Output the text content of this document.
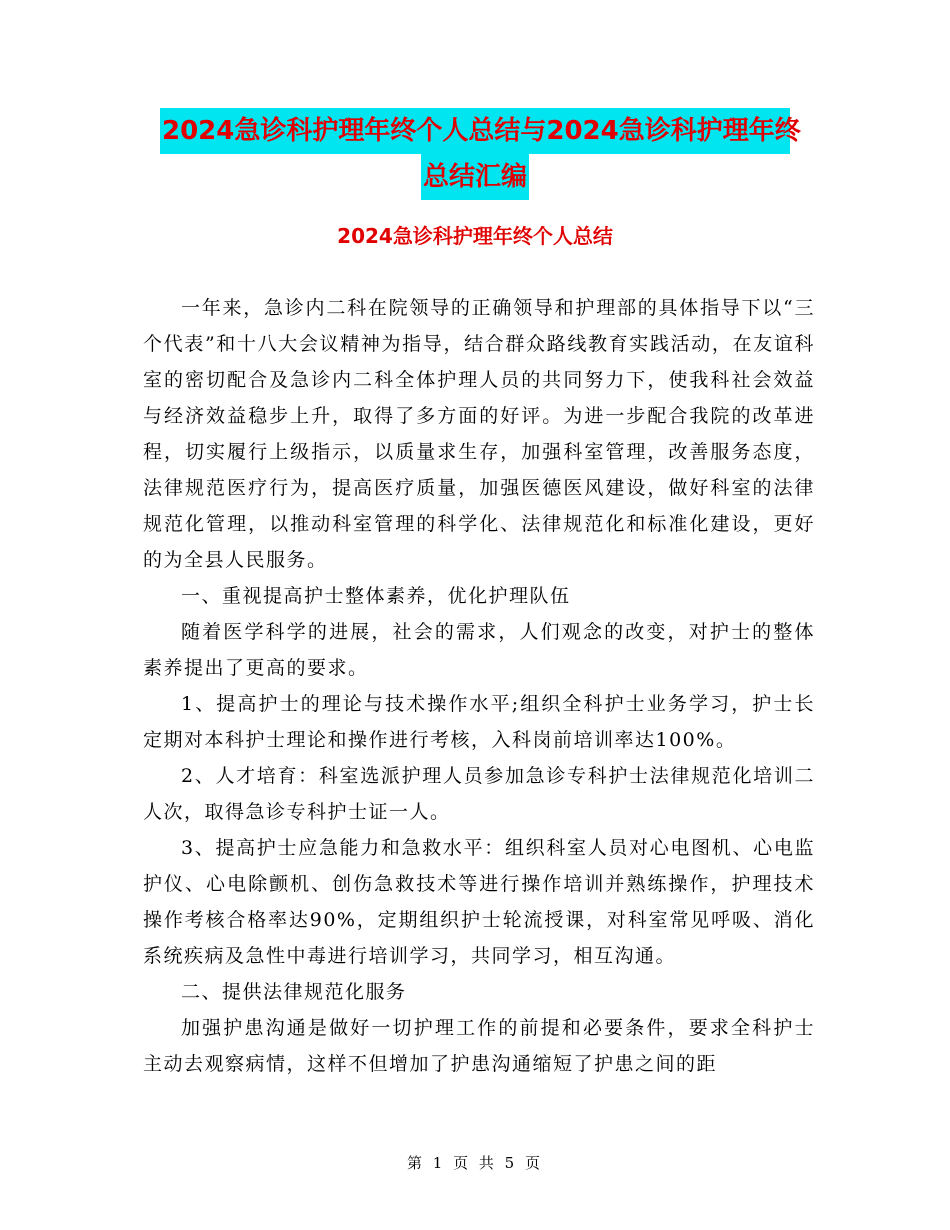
2024急诊科护理年终个人总结与2024急诊科护理年终
总结汇编
2024急诊科护理年终个人总结

一年来，急诊内二科在院领导的正确领导和护理部的具体指导下以“三个代表”和十八大会议精神为指导，结合群众路线教育实践活动，在友谊科室的密切配合及急诊内二科全体护理人员的共同努力下，使我科社会效益与经济效益稳步上升，取得了多方面的好评。为进一步配合我院的改革进程，切实履行上级指示，以质量求生存，加强科室管理，改善服务态度，法律规范医疗行为，提高医疗质量，加强医德医风建设，做好科室的法律规范化管理，以推动科室管理的科学化、法律规范化和标准化建设，更好的为全县人民服务。

一、重视提高护士整体素养，优化护理队伍

随着医学科学的进展，社会的需求，人们观念的改变，对护士的整体素养提出了更高的要求。

1、提高护士的理论与技术操作水平;组织全科护士业务学习，护士长定期对本科护士理论和操作进行考核，入科岗前培训率达100%。

2、人才培育：科室选派护理人员参加急诊专科护士法律规范化培训二人次，取得急诊专科护士证一人。

3、提高护士应急能力和急救水平：组织科室人员对心电图机、心电监护仪、心电除颤机、创伤急救技术等进行操作培训并熟练操作，护理技术操作考核合格率达90%，定期组织护士轮流授课，对科室常见呼吸、消化系统疾病及急性中毒进行培训学习，共同学习，相互沟通。

二、提供法律规范化服务

加强护患沟通是做好一切护理工作的前提和必要条件，要求全科护士主动去观察病情，这样不但增加了护患沟通缩短了护患之间的距

第 1 页 共 5 页
